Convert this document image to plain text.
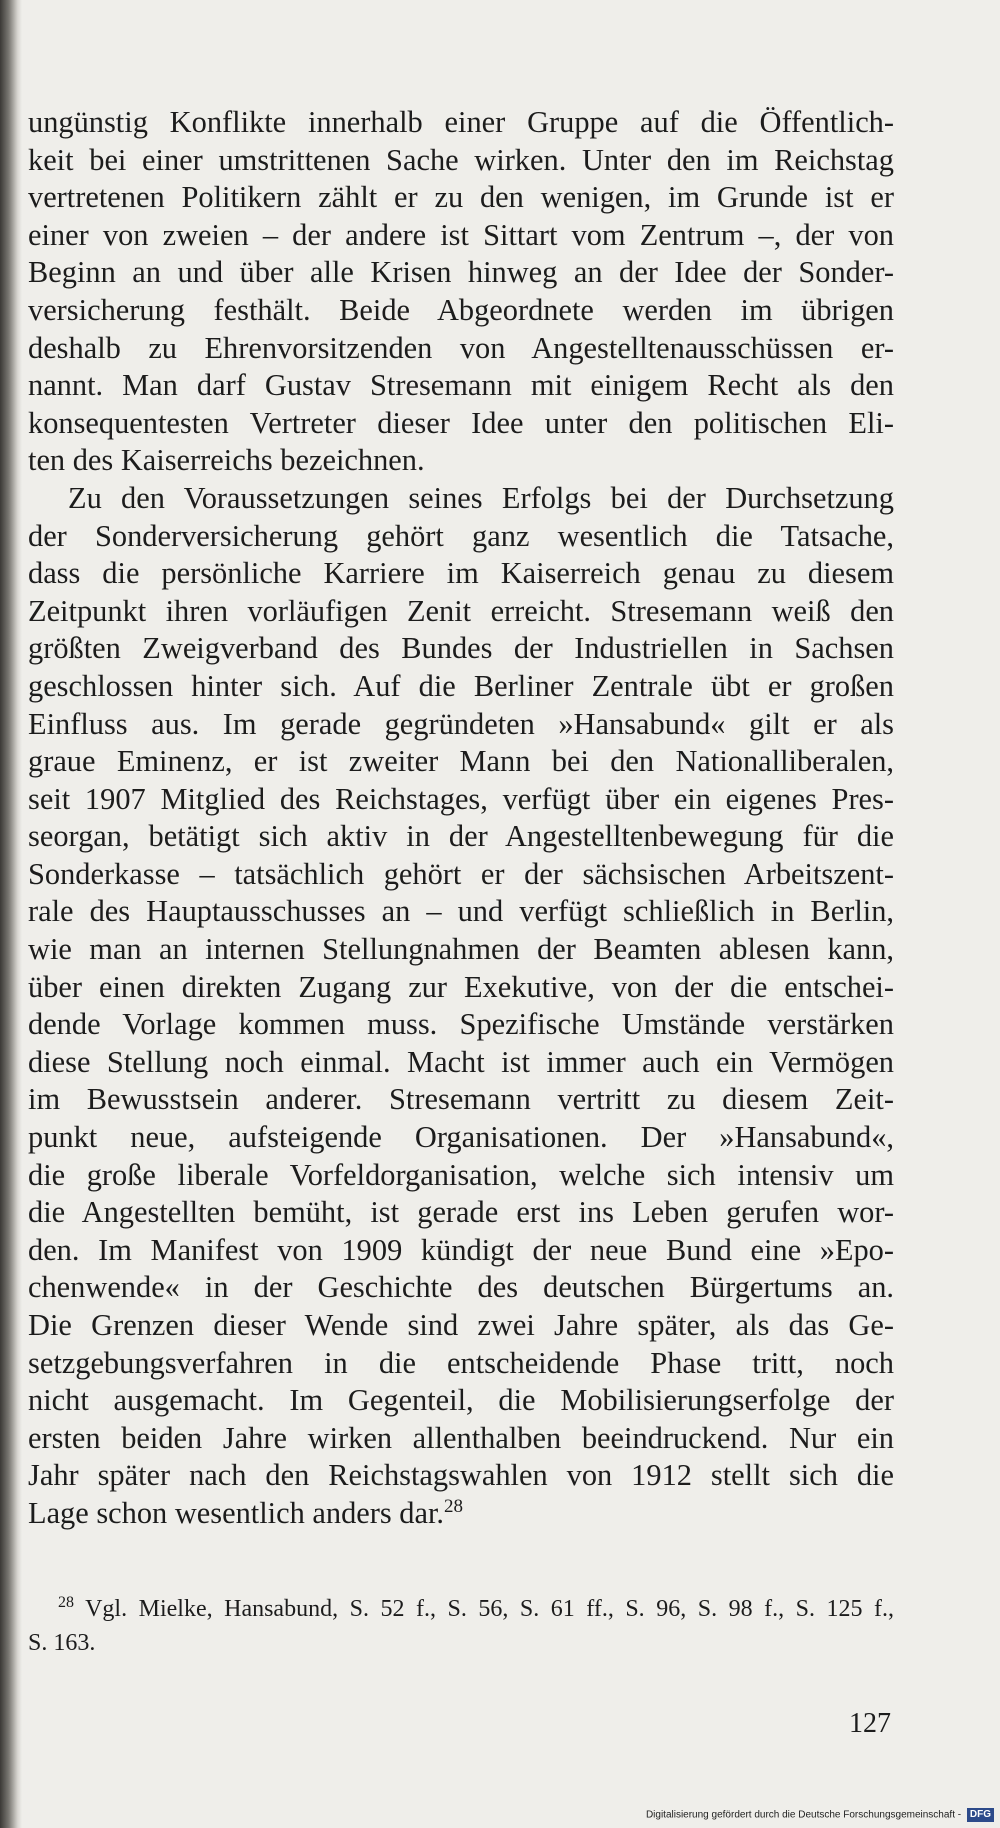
ungünstig Konflikte innerhalb einer Gruppe auf die Öffentlich-
keit bei einer umstrittenen Sache wirken. Unter den im Reichstag
vertretenen Politikern zählt er zu den wenigen, im Grunde ist er
einer von zweien – der andere ist Sittart vom Zentrum –, der von
Beginn an und über alle Krisen hinweg an der Idee der Sonder-
versicherung festhält. Beide Abgeordnete werden im übrigen
deshalb zu Ehrenvorsitzenden von Angestelltenausschüssen er-
nannt. Man darf Gustav Stresemann mit einigem Recht als den
konsequentesten Vertreter dieser Idee unter den politischen Eli-
ten des Kaiserreichs bezeichnen.
Zu den Voraussetzungen seines Erfolgs bei der Durchsetzung
der Sonderversicherung gehört ganz wesentlich die Tatsache,
dass die persönliche Karriere im Kaiserreich genau zu diesem
Zeitpunkt ihren vorläufigen Zenit erreicht. Stresemann weiß den
größten Zweigverband des Bundes der Industriellen in Sachsen
geschlossen hinter sich. Auf die Berliner Zentrale übt er großen
Einfluss aus. Im gerade gegründeten »Hansabund« gilt er als
graue Eminenz, er ist zweiter Mann bei den Nationalliberalen,
seit 1907 Mitglied des Reichstages, verfügt über ein eigenes Pres-
seorgan, betätigt sich aktiv in der Angestelltenbewegung für die
Sonderkasse – tatsächlich gehört er der sächsischen Arbeitszent-
rale des Hauptausschusses an – und verfügt schließlich in Berlin,
wie man an internen Stellungnahmen der Beamten ablesen kann,
über einen direkten Zugang zur Exekutive, von der die entschei-
dende Vorlage kommen muss. Spezifische Umstände verstärken
diese Stellung noch einmal. Macht ist immer auch ein Vermögen
im Bewusstsein anderer. Stresemann vertritt zu diesem Zeit-
punkt neue, aufsteigende Organisationen. Der »Hansabund«,
die große liberale Vorfeldorganisation, welche sich intensiv um
die Angestellten bemüht, ist gerade erst ins Leben gerufen wor-
den. Im Manifest von 1909 kündigt der neue Bund eine »Epo-
chenwende« in der Geschichte des deutschen Bürgertums an.
Die Grenzen dieser Wende sind zwei Jahre später, als das Ge-
setzgebungsverfahren in die entscheidende Phase tritt, noch
nicht ausgemacht. Im Gegenteil, die Mobilisierungserfolge der
ersten beiden Jahre wirken allenthalben beeindruckend. Nur ein
Jahr später nach den Reichstagswahlen von 1912 stellt sich die
Lage schon wesentlich anders dar.$^{28}$
$^{28}$ Vgl. Mielke, Hansabund, S. 52 f., S. 56, S. 61 ff., S. 96, S. 98 f., S. 125 f.,
S. 163.
127
Digitalisierung gefördert durch die Deutsche Forschungsgemeinschaft - DFG
